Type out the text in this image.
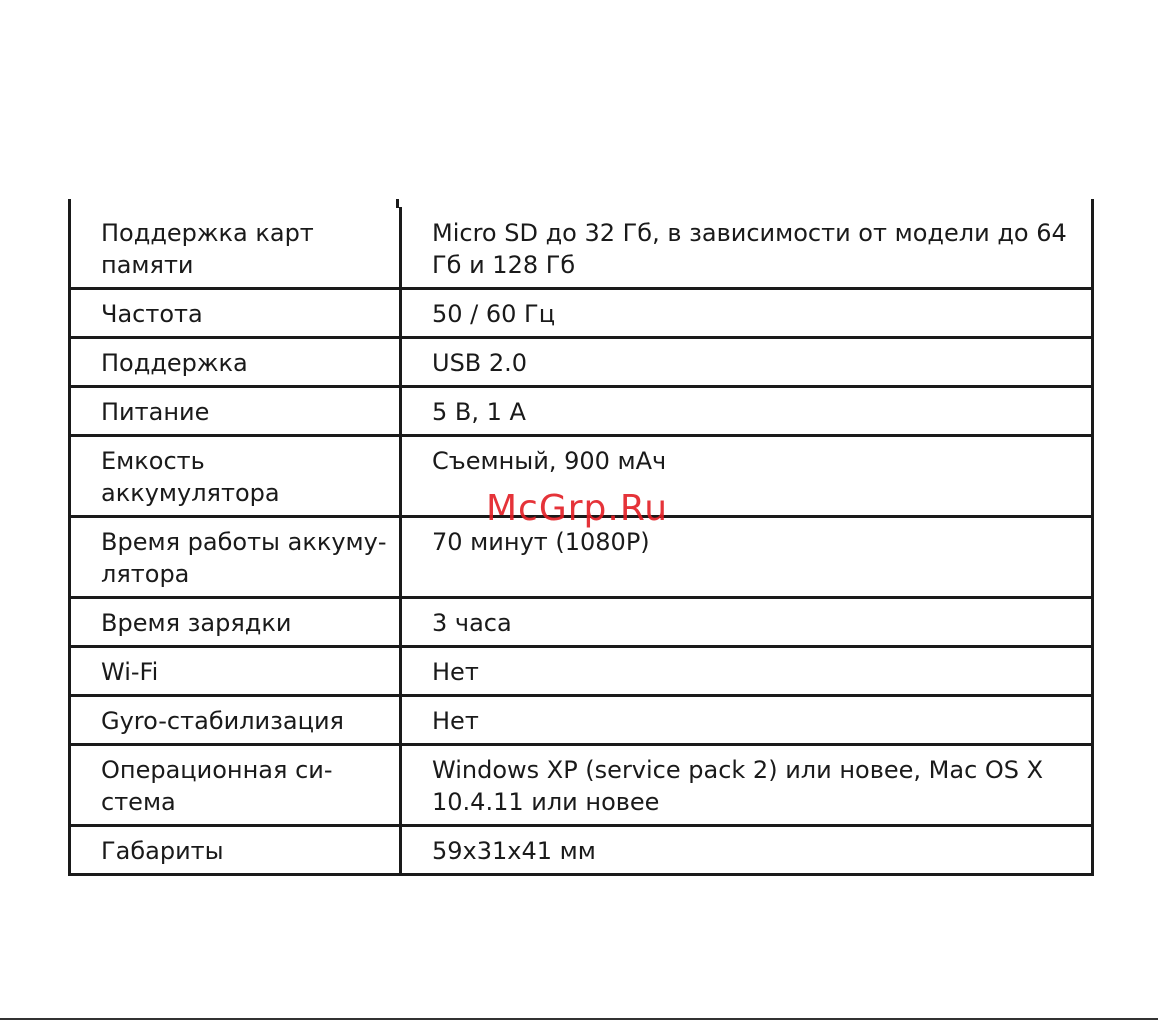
Поддержка карт памяти	Micro SD до 32 Гб, в зависимости от модели до 64 Гб и 128 Гб
Частота	50 / 60 Гц
Поддержка	USB 2.0
Питание	5 В, 1 А
Емкость аккумулятора	Съемный, 900 мАч
Время работы аккуму-лятора	70 минут (1080P)
Время зарядки	3 часа
Wi-Fi	Нет
Gyro-стабилизация	Нет
Операционная си-стема	Windows XP (service pack 2) или новее, Mac OS X 10.4.11 или новее
Габариты	59x31x41 мм
McGrp.Ru
